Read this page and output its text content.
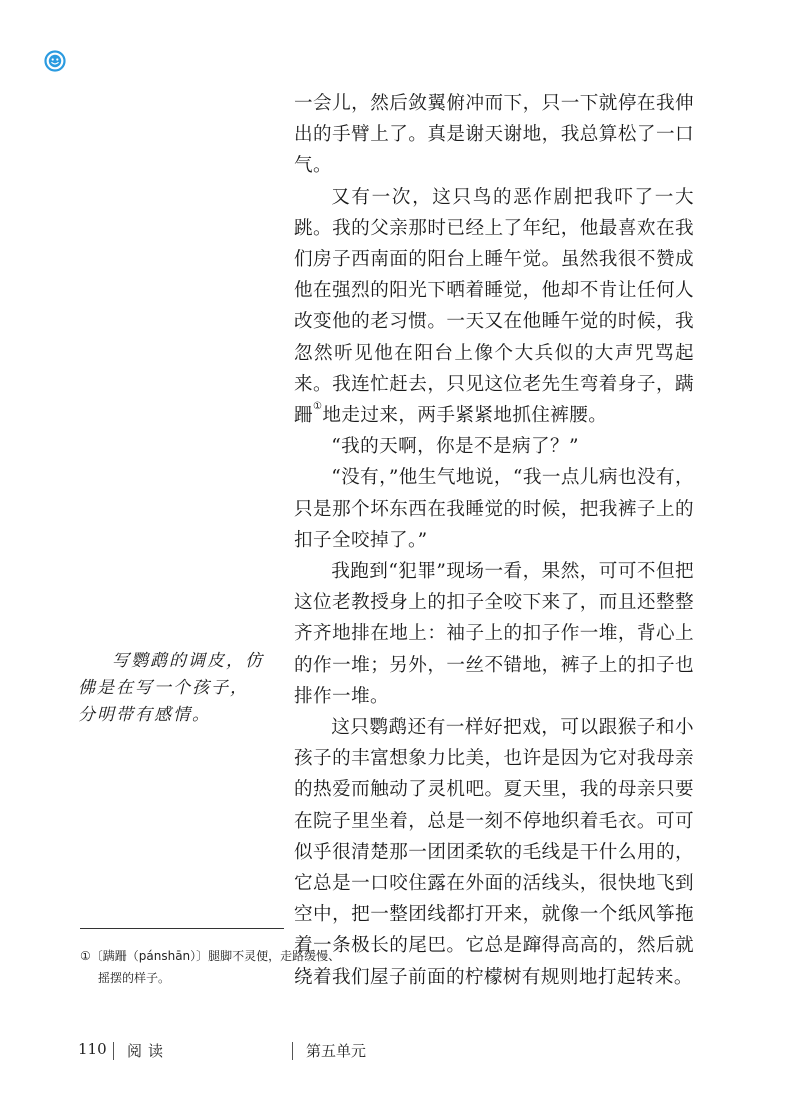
一会儿，然后敛翼俯冲而下，只一下就停在我伸出的手臂上了。真是谢天谢地，我总算松了一口气。

又有一次，这只鸟的恶作剧把我吓了一大跳。我的父亲那时已经上了年纪，他最喜欢在我们房子西南面的阳台上睡午觉。虽然我很不赞成他在强烈的阳光下晒着睡觉，他却不肯让任何人改变他的老习惯。一天又在他睡午觉的时候，我忽然听见他在阳台上像个大兵似的大声咒骂起来。我连忙赶去，只见这位老先生弯着身子，蹒跚①地走过来，两手紧紧地抓住裤腰。

“我的天啊，你是不是病了？”

“没有，”他生气地说，“我一点儿病也没有，只是那个坏东西在我睡觉的时候，把我裤子上的扣子全咬掉了。”

我跑到“犯罪”现场一看，果然，可可不但把这位老教授身上的扣子全咬下来了，而且还整整齐齐地排在地上：袖子上的扣子作一堆，背心上的作一堆；另外，一丝不错地，裤子上的扣子也排作一堆。

这只鹦鹉还有一样好把戏，可以跟猴子和小孩子的丰富想象力比美，也许是因为它对我母亲的热爱而触动了灵机吧。夏天里，我的母亲只要在院子里坐着，总是一刻不停地织着毛衣。可可似乎很清楚那一团团柔软的毛线是干什么用的，它总是一口咬住露在外面的活线头，很快地飞到空中，把一整团线都打开来，就像一个纸风筝拖着一条极长的尾巴。它总是蹿得高高的，然后就绕着我们屋子前面的柠檬树有规则地打起转来。

写鹦鹉的调皮，仿佛是在写一个孩子，分明带有感情。

①〔蹒跚（pánshān）〕腿脚不灵便，走路缓慢、
摇摆的样子。
110 阅读	第五单元
